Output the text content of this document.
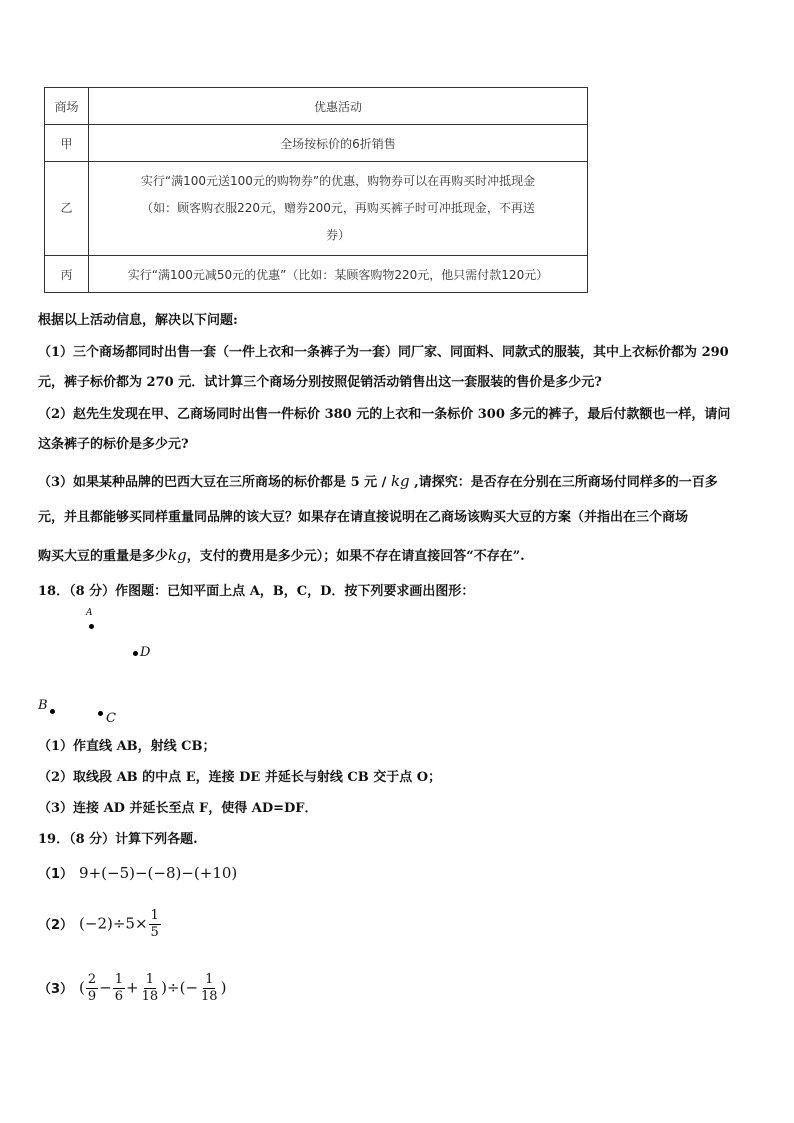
商场	优惠活动
甲	全场按标价的6折销售
乙	实行“满100元送100元的购物券”的优惠，购物券可以在再购买时冲抵现金
（如：顾客购衣服220元，赠券200元，再购买裤子时可冲抵现金，不再送
券）

丙	实行“满100元减50元的优惠”（比如：某顾客购物220元，他只需付款120元）
根据以上活动信息，解决以下问题:
（1）三个商场都同时出售一套（一件上衣和一条裤子为一套）同厂家、同面料、同款式的服装，其中上衣标价都为 290
元，裤子标价都为 270 元．试计算三个商场分别按照促销活动销售出这一套服装的售价是多少元?
（2）赵先生发现在甲、乙商场同时出售一件标价 380 元的上衣和一条标价 300 多元的裤子，最后付款额也一样，请问
这条裤子的标价是多少元?
（3）如果某种品牌的巴西大豆在三所商场的标价都是 5 元 / kg ,请探究：是否存在分别在三所商场付同样多的一百多
元，并且都能够买同样重量同品牌的该大豆？如果存在请直接说明在乙商场该购买大豆的方案（并指出在三个商场
购买大豆的重量是多少kg，支付的费用是多少元）；如果不存在请直接回答“不存在”.
18．（8 分）作图题：已知平面上点 A，B，C，D．按下列要求画出图形：
A
D
B
C
（1）作直线 AB，射线 CB；
（2）取线段 AB 的中点 E，连接 DE 并延长与射线 CB 交于点 O；
（3）连接 AD 并延长至点 F，使得 AD=DF．
19．（8 分）计算下列各题.
（1） 9+(−5)−(−8)−(+10)
（2） $(-2)\div 5\times \frac{1}{5}$
（3） ( $\frac{2}{9} - \frac{1}{6} + \frac{1}{18}$ )÷(− $\frac{1}{18}$ )
